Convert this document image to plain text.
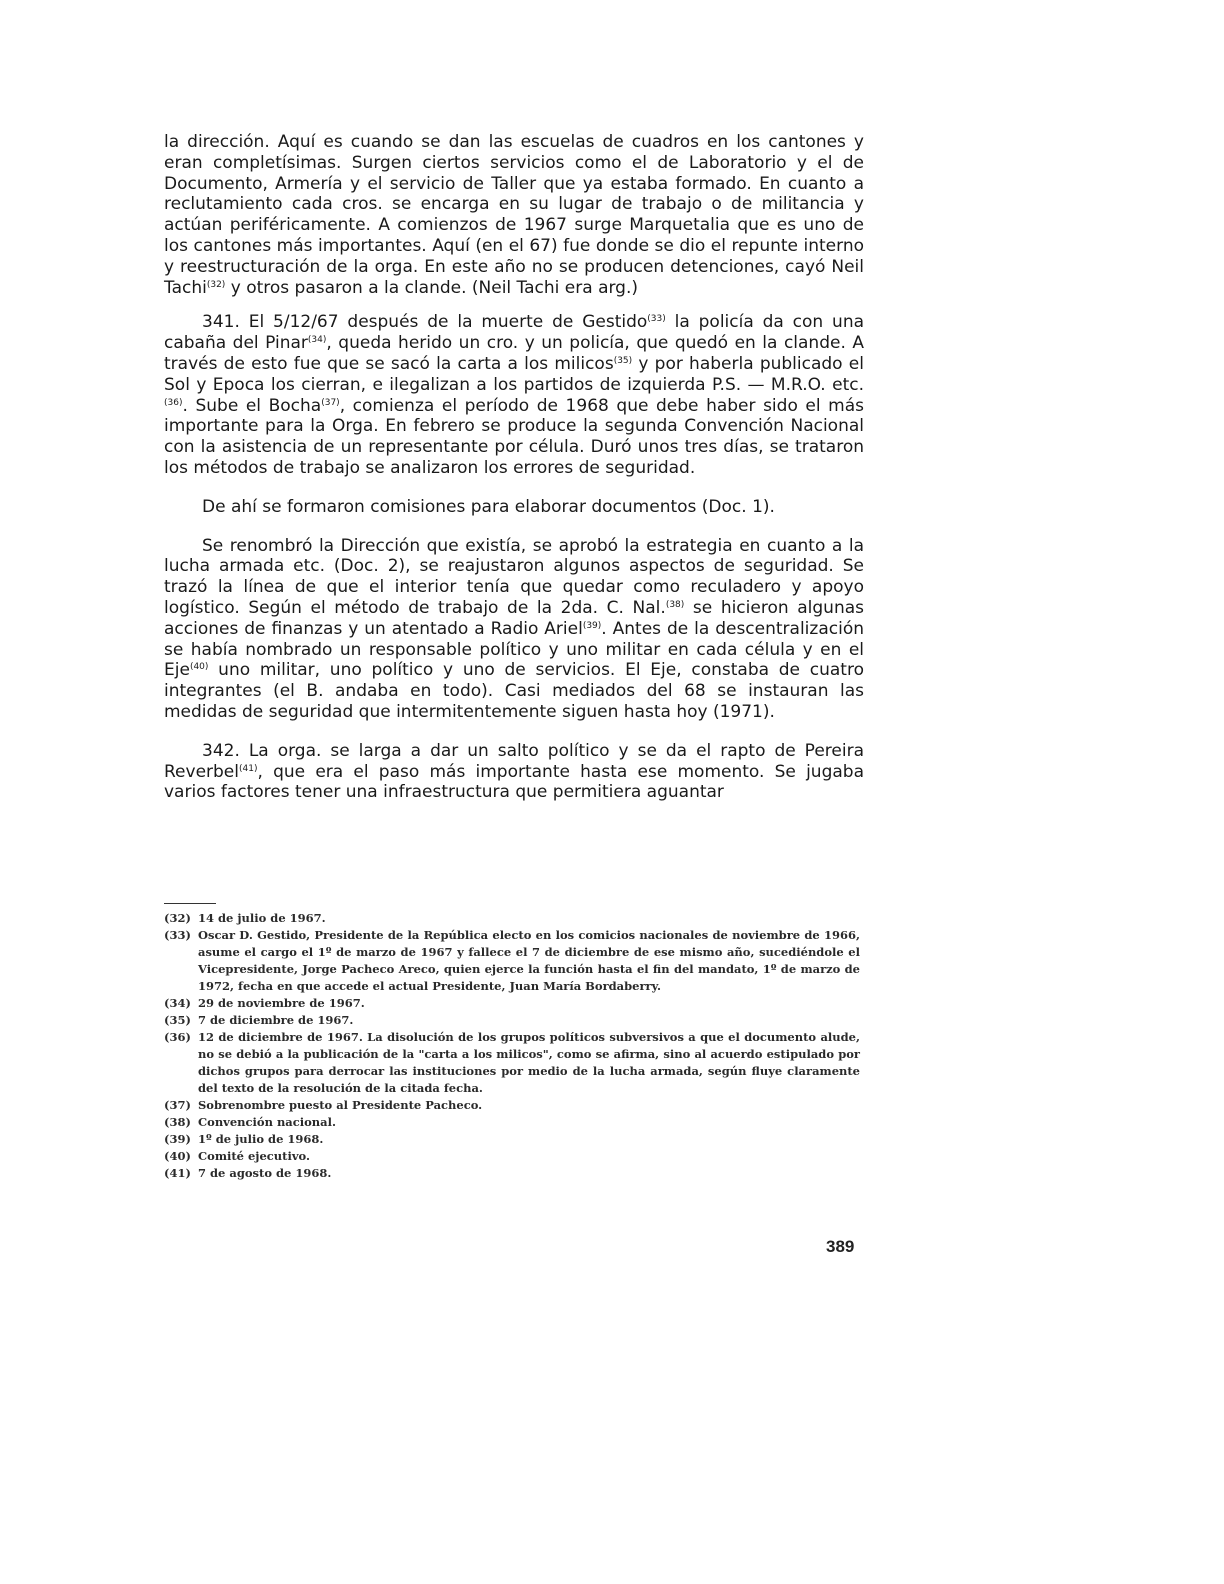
la dirección. Aquí es cuando se dan las escuelas de cuadros en los cantones y eran completísimas. Surgen ciertos servicios como el de Laboratorio y el de Documento, Armería y el servicio de Taller que ya estaba formado. En cuanto a reclutamiento cada cros. se encarga en su lugar de trabajo o de militancia y actúan periféricamente. A comienzos de 1967 surge Marquetalia que es uno de los cantones más importantes. Aquí (en el 67) fue donde se dio el repunte interno y reestructuración de la orga. En este año no se producen detenciones, cayó Neil Tachi$^{(32)}$ y otros pasaron a la clande. (Neil Tachi era arg.)

341. El 5/12/67 después de la muerte de Gestido$^{(33)}$ la policía da con una cabaña del Pinar$^{(34)}$, queda herido un cro. y un policía, que quedó en la clande. A través de esto fue que se sacó la carta a los milicos$^{(35)}$ y por haberla publicado el Sol y Epoca los cierran, e ilegalizan a los partidos de izquierda P.S. — M.R.O. etc.$^{(36)}$. Sube el Bocha$^{(37)}$, comienza el período de 1968 que debe haber sido el más importante para la Orga. En febrero se produce la segunda Convención Nacional con la asistencia de un representante por célula. Duró unos tres días, se trataron los métodos de trabajo se analizaron los errores de seguridad.

De ahí se formaron comisiones para elaborar documentos (Doc. 1).

Se renombró la Dirección que existía, se aprobó la estrategia en cuanto a la lucha armada etc. (Doc. 2), se reajustaron algunos aspectos de seguridad. Se trazó la línea de que el interior tenía que quedar como reculadero y apoyo logístico. Según el método de trabajo de la 2da. C. Nal.$^{(38)}$ se hicieron algunas acciones de finanzas y un atentado a Radio Ariel$^{(39)}$. Antes de la descentralización se había nombrado un responsable político y uno militar en cada célula y en el Eje$^{(40)}$ uno militar, uno político y uno de servicios. El Eje, constaba de cuatro integrantes (el B. andaba en todo). Casi mediados del 68 se instauran las medidas de seguridad que intermitentemente siguen hasta hoy (1971).

342. La orga. se larga a dar un salto político y se da el rapto de Pereira Reverbel$^{(41)}$, que era el paso más importante hasta ese momento. Se jugaba varios factores tener una infraestructura que permitiera aguantar

(32) 14 de julio de 1967.

(33) Oscar D. Gestido, Presidente de la República electo en los comicios nacionales de noviembre de 1966, asume el cargo el 1º de marzo de 1967 y fallece el 7 de diciembre de ese mismo año, sucediéndole el Vicepresidente, Jorge Pacheco Areco, quien ejerce la función hasta el fin del mandato, 1º de marzo de 1972, fecha en que accede el actual Presidente, Juan María Bordaberry.

(34) 29 de noviembre de 1967.

(35) 7 de diciembre de 1967.

(36) 12 de diciembre de 1967. La disolución de los grupos políticos subversivos a que el documento alude, no se debió a la publicación de la "carta a los milicos", como se afirma, sino al acuerdo estipulado por dichos grupos para derrocar las instituciones por medio de la lucha armada, según fluye claramente del texto de la resolución de la citada fecha.

(37) Sobrenombre puesto al Presidente Pacheco.

(38) Convención nacional.

(39) 1º de julio de 1968.

(40) Comité ejecutivo.

(41) 7 de agosto de 1968.

389
